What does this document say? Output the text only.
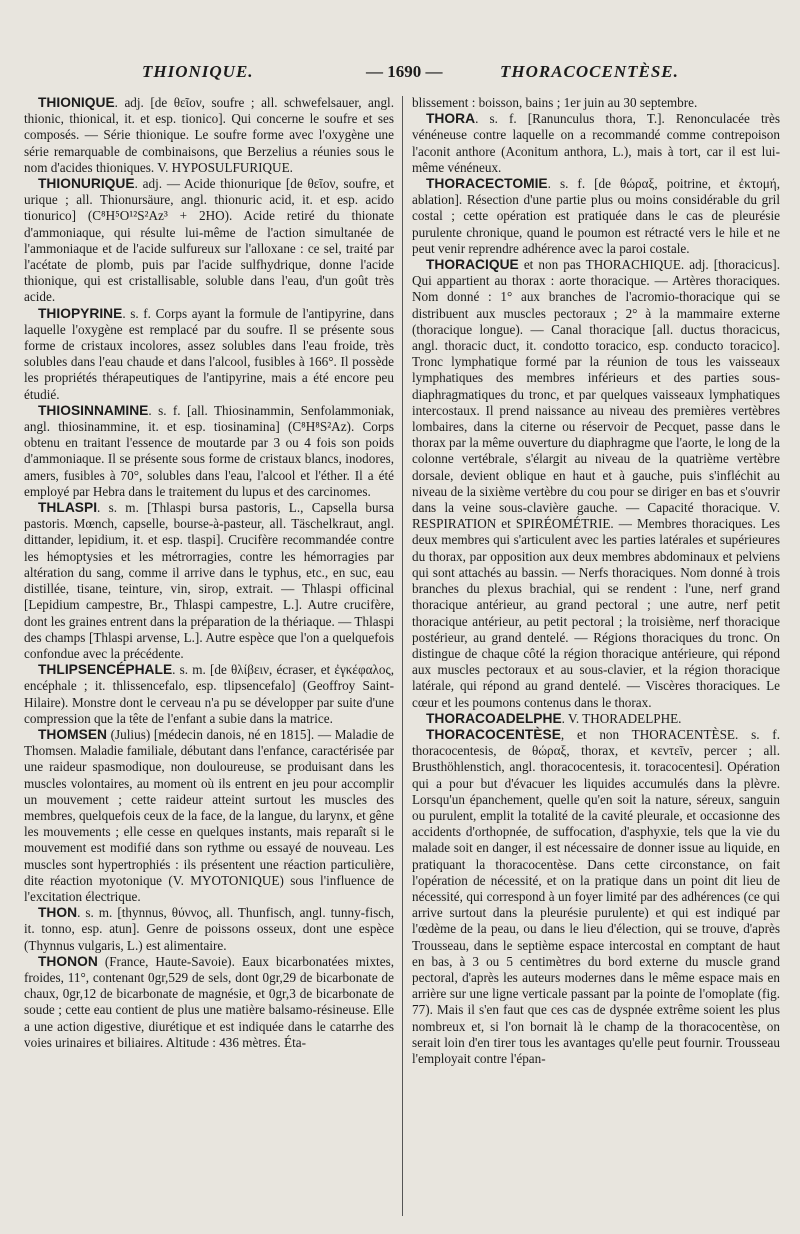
THIONIQUE.	— 1690 —	THORACOCENTÈSE.

THIONIQUE. adj. [de θεῖον, soufre ; all. schwefelsauer, angl. thionic, thionical, it. et esp. tionico]. Qui concerne le soufre et ses composés. — Série thionique. Le soufre forme avec l'oxygène une série remarquable de combinaisons, que Berzelius a réunies sous le nom d'acides thioniques. V. HYPOSULFURIQUE.

THIONURIQUE. adj. — Acide thionurique [de θεῖον, soufre, et urique ; all. Thionursäure, angl. thionuric acid, it. et esp. acido tionurico] (C⁸H⁵O¹²S²Az³ + 2HO). Acide retiré du thionate d'ammoniaque, qui résulte lui-même de l'action simultanée de l'ammoniaque et de l'acide sulfureux sur l'alloxane : ce sel, traité par l'acétate de plomb, puis par l'acide sulfhydrique, donne l'acide thionique, qui est cristallisable, soluble dans l'eau, d'un goût très acide.

THIOPYRINE. s. f. Corps ayant la formule de l'antipyrine, dans laquelle l'oxygène est remplacé par du soufre. Il se présente sous forme de cristaux incolores, assez solubles dans l'eau froide, très solubles dans l'eau chaude et dans l'alcool, fusibles à 166°. Il possède les propriétés thérapeutiques de l'antipyrine, mais a été encore peu étudié.

THIOSINNAMINE. s. f. [all. Thiosinammin, Senfolammoniak, angl. thiosinammine, it. et esp. tiosinamina] (C⁸H⁸S²Az). Corps obtenu en traitant l'essence de moutarde par 3 ou 4 fois son poids d'ammoniaque. Il se présente sous forme de cristaux blancs, inodores, amers, fusibles à 70°, solubles dans l'eau, l'alcool et l'éther. Il a été employé par Hebra dans le traitement du lupus et des carcinomes.

THLASPI. s. m. [Thlaspi bursa pastoris, L., Capsella bursa pastoris. Mœnch, capselle, bourse-à-pasteur, all. Täschelkraut, angl. dittander, lepidium, it. et esp. tlaspi]. Crucifère recommandée contre les hémoptysies et les métrorragies, contre les hémorragies par altération du sang, comme il arrive dans le typhus, etc., en suc, eau distillée, tisane, teinture, vin, sirop, extrait. — Thlaspi officinal [Lepidium campestre, Br., Thlaspi campestre, L.]. Autre crucifère, dont les graines entrent dans la préparation de la thériaque. — Thlaspi des champs [Thlaspi arvense, L.]. Autre espèce que l'on a quelquefois confondue avec la précédente.

THLIPSENCÉPHALE. s. m. [de θλίβειν, écraser, et ἐγκέφαλος, encéphale ; it. thlissencefalo, esp. tlipsencefalo] (Geoffroy Saint-Hilaire). Monstre dont le cerveau n'a pu se développer par suite d'une compression que la tête de l'enfant a subie dans la matrice.

THOMSEN (Julius) [médecin danois, né en 1815]. — Maladie de Thomsen. Maladie familiale, débutant dans l'enfance, caractérisée par une raideur spasmodique, non douloureuse, se produisant dans les muscles volontaires, au moment où ils entrent en jeu pour accomplir un mouvement ; cette raideur atteint surtout les muscles des membres, quelquefois ceux de la face, de la langue, du larynx, et gêne les mouvements ; elle cesse en quelques instants, mais reparaît si le mouvement est modifié dans son rythme ou essayé de nouveau. Les muscles sont hypertrophiés : ils présentent une réaction particulière, dite réaction myotonique (V. MYOTONIQUE) sous l'influence de l'excitation électrique.

THON. s. m. [thynnus, θύννος, all. Thunfisch, angl. tunny-fisch, it. tonno, esp. atun]. Genre de poissons osseux, dont une espèce (Thynnus vulgaris, L.) est alimentaire.

THONON (France, Haute-Savoie). Eaux bicarbonatées mixtes, froides, 11°, contenant 0gr,529 de sels, dont 0gr,29 de bicarbonate de chaux, 0gr,12 de bicarbonate de magnésie, et 0gr,3 de bicarbonate de soude ; cette eau contient de plus une matière balsamo-résineuse. Elle a une action digestive, diurétique et est indiquée dans le catarrhe des voies urinaires et biliaires. Altitude : 436 mètres. Éta-

blissement : boisson, bains ; 1er juin au 30 septembre.

THORA. s. f. [Ranunculus thora, T.]. Renonculacée très vénéneuse contre laquelle on a recommandé comme contrepoison l'aconit anthore (Aconitum anthora, L.), mais à tort, car il est lui-même vénéneux.

THORACECTOMIE. s. f. [de θώραξ, poitrine, et ἐκτομή, ablation]. Résection d'une partie plus ou moins considérable du gril costal ; cette opération est pratiquée dans le cas de pleurésie purulente chronique, quand le poumon est rétracté vers le hile et ne peut venir reprendre adhérence avec la paroi costale.

THORACIQUE et non pas THORACHIQUE. adj. [thoracicus]. Qui appartient au thorax : aorte thoracique. — Artères thoraciques. Nom donné : 1° aux branches de l'acromio-thoracique qui se distribuent aux muscles pectoraux ; 2° à la mammaire externe (thoracique longue). — Canal thoracique [all. ductus thoracicus, angl. thoracic duct, it. condotto toracico, esp. conducto toracico]. Tronc lymphatique formé par la réunion de tous les vaisseaux lymphatiques des membres inférieurs et des parties sous-diaphragmatiques du tronc, et par quelques vaisseaux lymphatiques intercostaux. Il prend naissance au niveau des premières vertèbres lombaires, dans la citerne ou réservoir de Pecquet, passe dans le thorax par la même ouverture du diaphragme que l'aorte, le long de la colonne vertébrale, s'élargit au niveau de la quatrième vertèbre dorsale, devient oblique en haut et à gauche, puis s'infléchit au niveau de la sixième vertèbre du cou pour se diriger en bas et s'ouvrir dans la veine sous-clavière gauche. — Capacité thoracique. V. RESPIRATION et SPIRÉOMÉTRIE. — Membres thoraciques. Les deux membres qui s'articulent avec les parties latérales et supérieures du thorax, par opposition aux deux membres abdominaux et pelviens qui sont attachés au bassin. — Nerfs thoraciques. Nom donné à trois branches du plexus brachial, qui se rendent : l'une, nerf grand thoracique antérieur, au grand pectoral ; une autre, nerf petit thoracique antérieur, au petit pectoral ; la troisième, nerf thoracique postérieur, au grand dentelé. — Régions thoraciques du tronc. On distingue de chaque côté la région thoracique antérieure, qui répond aux muscles pectoraux et au sous-clavier, et la région thoracique latérale, qui répond au grand dentelé. — Viscères thoraciques. Le cœur et les poumons contenus dans le thorax.

THORACOADELPHE. V. THORADELPHE.

THORACOCENTÈSE, et non THORACENTÈSE. s. f. thoracocentesis, de θώραξ, thorax, et κεντεῖν, percer ; all. Brusthöhlenstich, angl. thoracocentesis, it. toracocentesi]. Opération qui a pour but d'évacuer les liquides accumulés dans la plèvre. Lorsqu'un épanchement, quelle qu'en soit la nature, séreux, sanguin ou purulent, emplit la totalité de la cavité pleurale, et occasionne des accidents d'orthopnée, de suffocation, d'asphyxie, tels que la vie du malade soit en danger, il est nécessaire de donner issue au liquide, en pratiquant la thoracocentèse. Dans cette circonstance, on fait l'opération de nécessité, et on la pratique dans un point dit lieu de nécessité, qui correspond à un foyer limité par des adhérences (ce qui arrive surtout dans la pleurésie purulente) et qui est indiqué par l'œdème de la peau, ou dans le lieu d'élection, qui se trouve, d'après Trousseau, dans le septième espace intercostal en comptant de haut en bas, à 3 ou 5 centimètres du bord externe du muscle grand pectoral, d'après les auteurs modernes dans le même espace mais en arrière sur une ligne verticale passant par la pointe de l'omoplate (fig. 77). Mais il s'en faut que ces cas de dyspnée extrême soient les plus nombreux et, si l'on bornait là le champ de la thoracocentèse, on serait loin d'en tirer tous les avantages qu'elle peut fournir. Trousseau l'employait contre l'épan-
